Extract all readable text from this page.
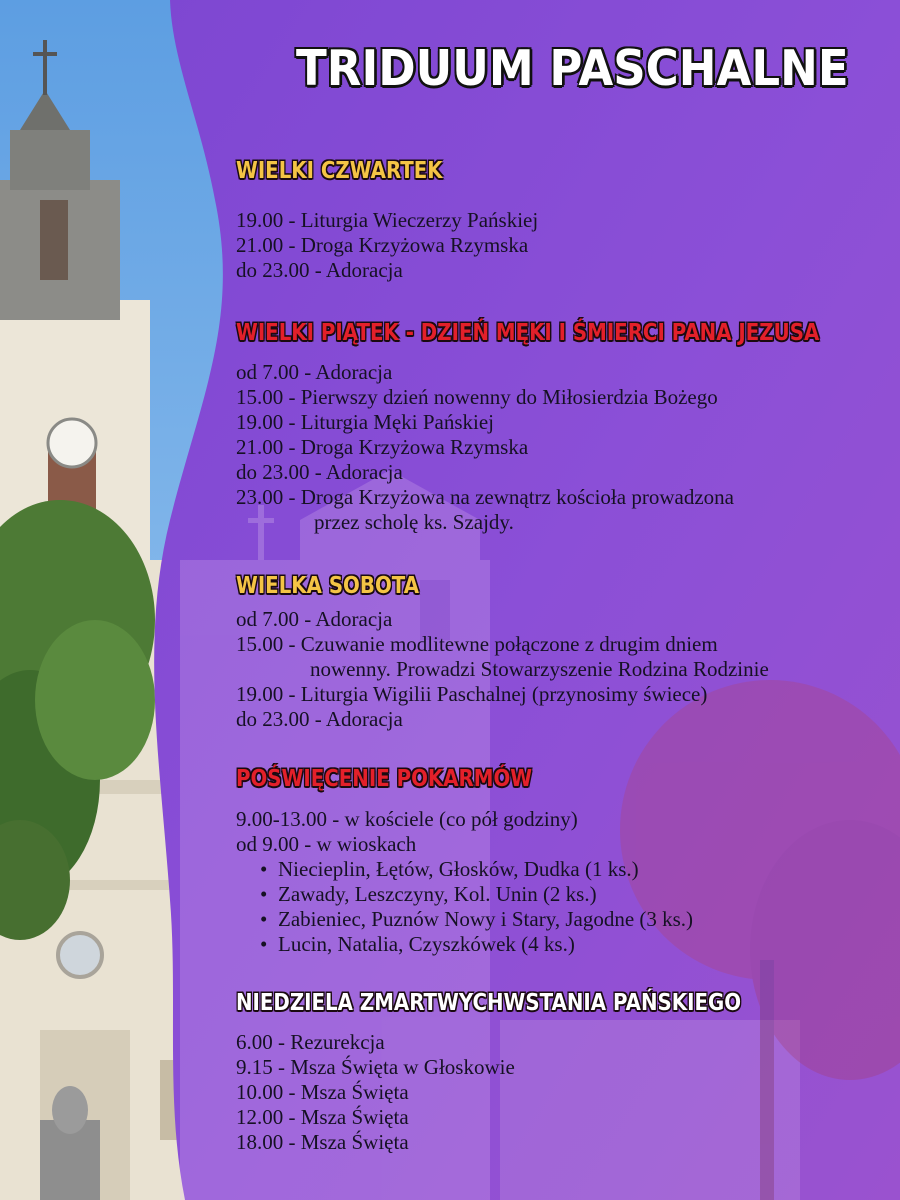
TRIDUUM PASCHALNE
WIELKI CZWARTEK
19.00 - Liturgia Wieczerzy Pańskiej
21.00 - Droga Krzyżowa Rzymska
do 23.00 - Adoracja
WIELKI PIĄTEK - DZIEŃ MĘKI I ŚMIERCI PANA JEZUSA
od 7.00 - Adoracja
15.00 - Pierwszy dzień nowenny do Miłosierdzia Bożego
19.00 - Liturgia Męki Pańskiej
21.00 - Droga Krzyżowa Rzymska
do 23.00 - Adoracja
23.00 - Droga Krzyżowa na zewnątrz kościoła prowadzona
przez scholę ks. Szajdy.
WIELKA SOBOTA
od 7.00 - Adoracja
15.00 - Czuwanie modlitewne połączone z drugim dniem
nowenny. Prowadzi Stowarzyszenie Rodzina Rodzinie
19.00 - Liturgia Wigilii Paschalnej (przynosimy świece)
do 23.00 - Adoracja
POŚWIĘCENIE POKARMÓW
9.00-13.00 - w kościele (co pół godziny)
od 9.00 - w wioskach
• Niecieplin, Łętów, Głosków, Dudka (1 ks.)
• Zawady, Leszczyny, Kol. Unin (2 ks.)
• Zabieniec, Puznów Nowy i Stary, Jagodne (3 ks.)
• Lucin, Natalia, Czyszkówek (4 ks.)
NIEDZIELA ZMARTWYCHWSTANIA PAŃSKIEGO
6.00 - Rezurekcja
9.15 - Msza Święta w Głoskowie
10.00 - Msza Święta
12.00 - Msza Święta
18.00 - Msza Święta
